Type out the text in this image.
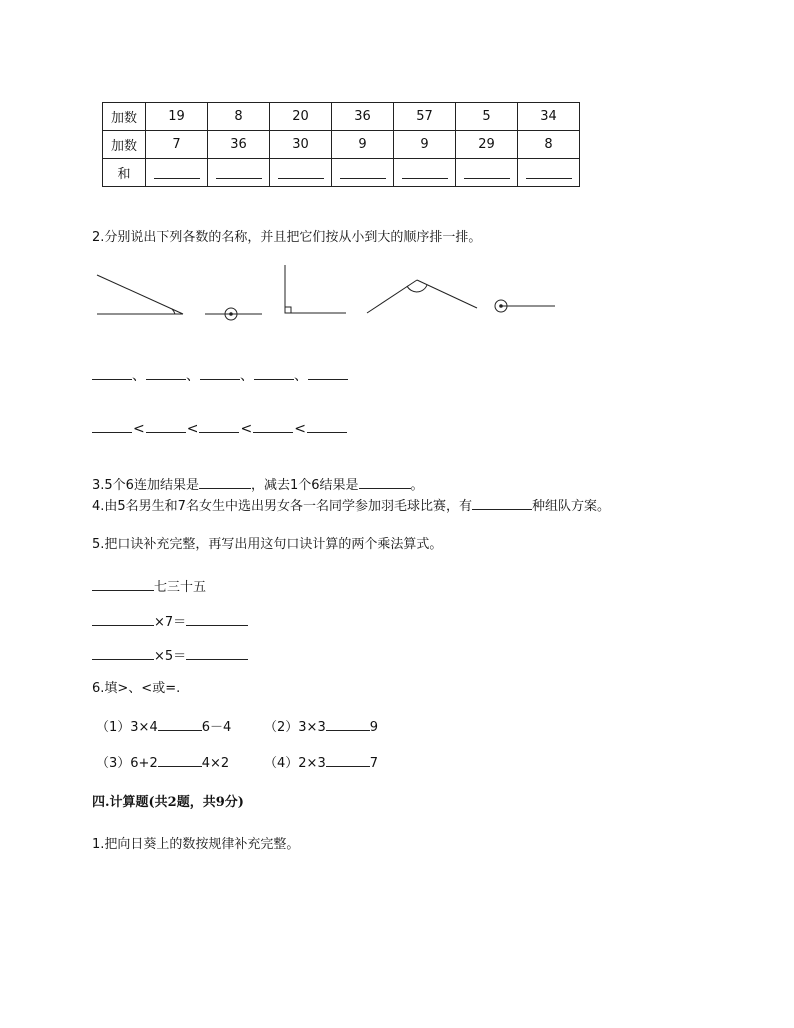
加数	19	8	20	36	57	5	34
加数	7	36	30	9	9	29	8
和							
2.分别说出下列各数的名称，并且把它们按从小到大的顺序排一排。
、	、	、	、
<	<	<	<
3.5个6连加结果是	，减去1个6结果是	。
4.由5名男生和7名女生中选出男女各一名同学参加羽毛球比赛，有	种组队方案。
5.把口诀补充完整，再写出用这句口诀计算的两个乘法算式。
七三十五
×7＝
×5＝
6.填>、<或=.
（1）3×4	6－4	（2）3×3	9
（3）6+2	4×2	（4）2×3	7
四.计算题(共2题，共9分)
1.把向日葵上的数按规律补充完整。
